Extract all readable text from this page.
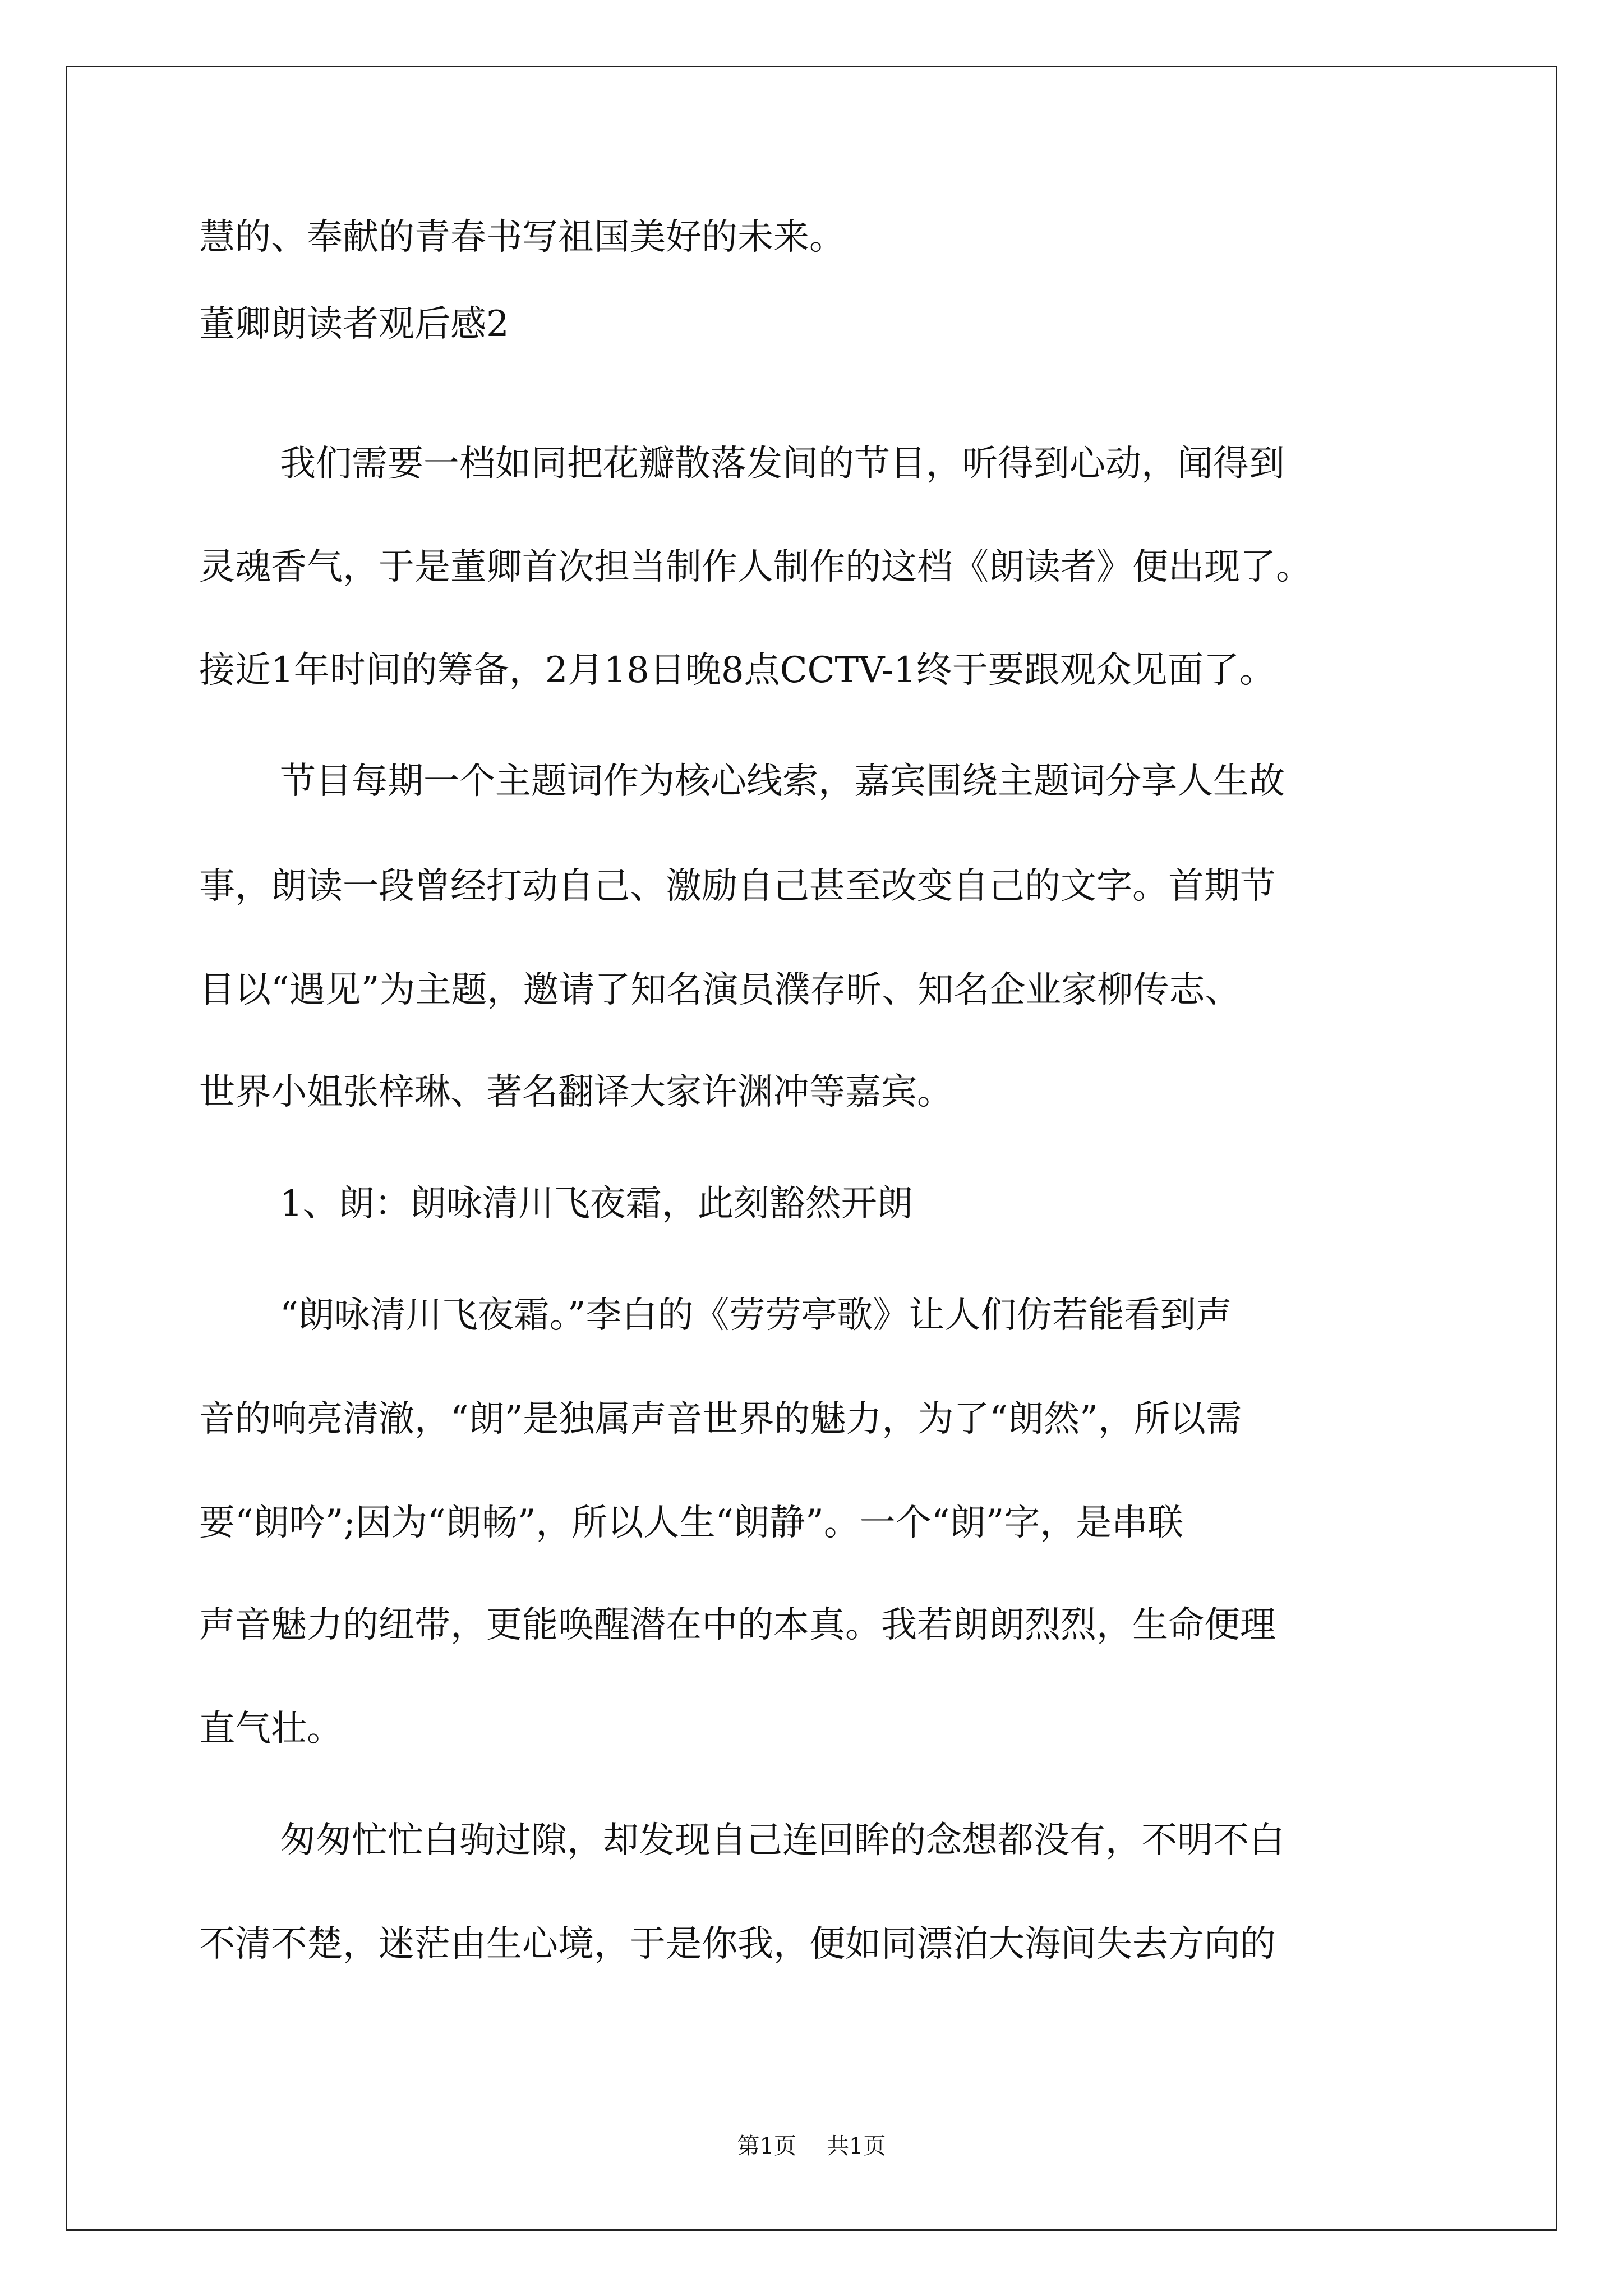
慧的、奉献的青春书写祖国美好的未来。
董卿朗读者观后感2
我们需要一档如同把花瓣散落发间的节目，听得到心动，闻得到
灵魂香气，于是董卿首次担当制作人制作的这档《朗读者》便出现了。
接近1年时间的筹备，2月18日晚8点CCTV-1终于要跟观众见面了。
节目每期一个主题词作为核心线索，嘉宾围绕主题词分享人生故
事，朗读一段曾经打动自己、激励自己甚至改变自己的文字。首期节
目以“遇见”为主题，邀请了知名演员濮存昕、知名企业家柳传志、
世界小姐张梓琳、著名翻译大家许渊冲等嘉宾。
1、朗：朗咏清川飞夜霜，此刻豁然开朗
“朗咏清川飞夜霜。”李白的《劳劳亭歌》让人们仿若能看到声
音的响亮清澈，“朗”是独属声音世界的魅力，为了“朗然”，所以需
要“朗吟”;因为“朗畅”，所以人生“朗静”。一个“朗”字，是串联
声音魅力的纽带，更能唤醒潜在中的本真。我若朗朗烈烈，生命便理
直气壮。
匆匆忙忙白驹过隙，却发现自己连回眸的念想都没有，不明不白
不清不楚，迷茫由生心境，于是你我，便如同漂泊大海间失去方向的
第1页 共1页
